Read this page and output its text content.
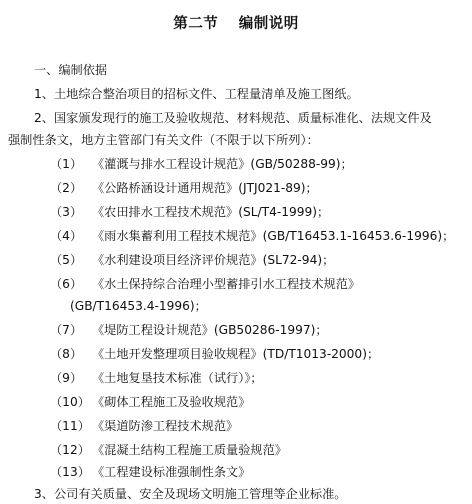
第二节　 编制说明
一、编制依据
1、土地综合整治项目的招标文件、工程量清单及施工图纸。
2、国家颁发现行的施工及验收规范、材料规范、质量标准化、法规文件及
强制性条文，地方主管部门有关文件（不限于以下所列）：
（1） 《灌溉与排水工程设计规范》(GB/50288-99)；
（2） 《公路桥涵设计通用规范》(JTJ021-89)；
（3） 《农田排水工程技术规范》(SL/T4-1999)；
（4） 《雨水集蓄利用工程技术规范》(GB/T16453.1-16453.6-1996)；
（5） 《水利建设项目经济评价规范》(SL72-94)；
（6） 《水土保持综合治理小型蓄排引水工程技术规范》
(GB/T16453.4-1996)；
（7） 《堤防工程设计规范》(GB50286-1997)；
（8） 《土地开发整理项目验收规程》(TD/T1013-2000)；
（9） 《土地复垦技术标准（试行）》；
（10） 《砌体工程施工及验收规范》
（11） 《渠道防渗工程技术规范》
（12） 《混凝土结构工程施工质量验规范》
（13） 《工程建设标准强制性条文》
3、公司有关质量、安全及现场文明施工管理等企业标准。
